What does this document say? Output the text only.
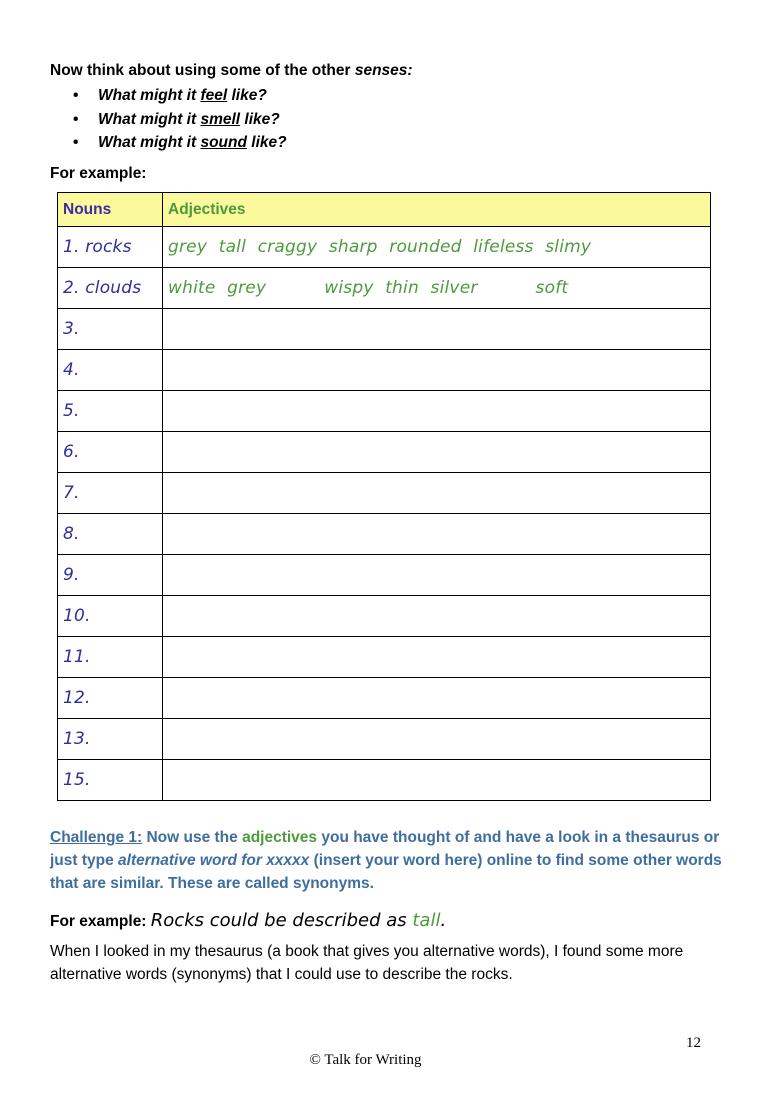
Now think about using some of the other senses:
• What might it feel like?
• What might it smell like?
• What might it sound like?
For example:
Nouns	Adjectives
1. rocks	grey tall craggy sharp rounded lifeless slimy
2. clouds	white grey     wispy thin silver     soft
3.	
4.	
5.	
6.	
7.	
8.	
9.	
10.	
11.	
12.	
13.	
15.	
Challenge 1: Now use the adjectives you have thought of and have a look in a thesaurus or just type alternative word for xxxxx (insert your word here) online to find some other words that are similar. These are called synonyms.
For example: Rocks could be described as tall.
When I looked in my thesaurus (a book that gives you alternative words), I found some more alternative words (synonyms) that I could use to describe the rocks.
12
© Talk for Writing
